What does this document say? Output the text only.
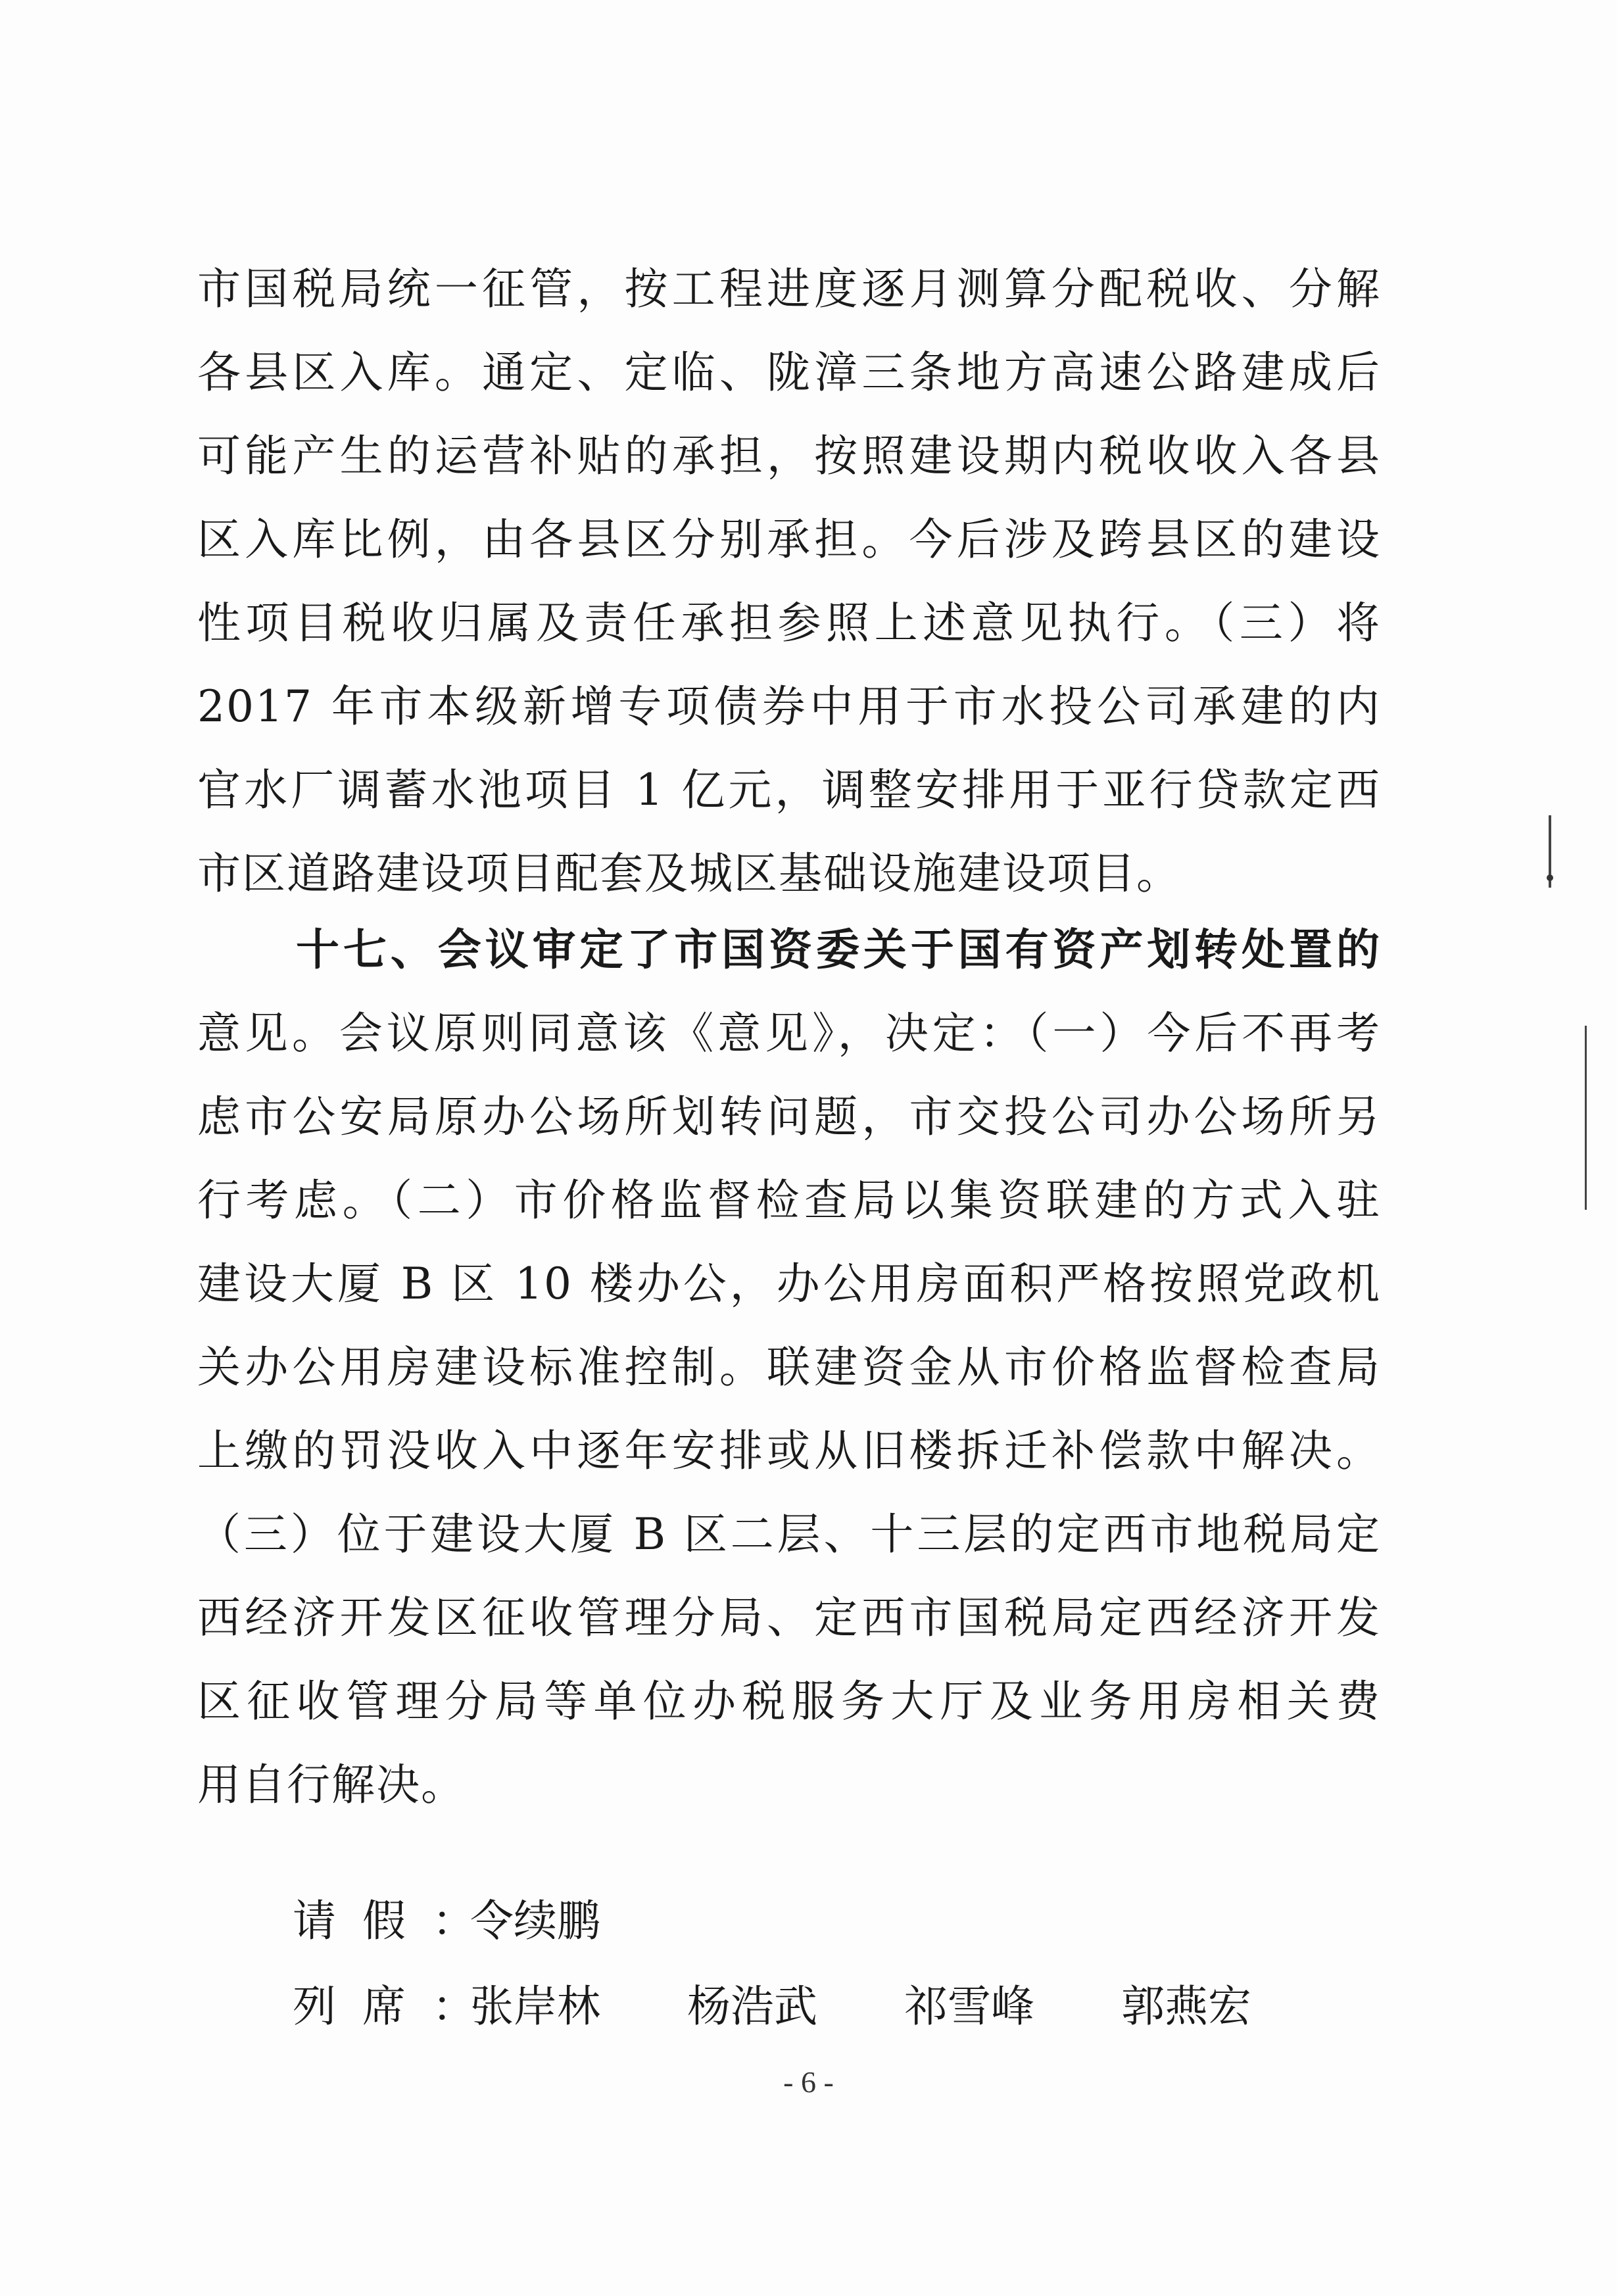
市国税局统一征管，按工程进度逐月测算分配税收、分解
各县区入库。通定、定临、陇漳三条地方高速公路建成后
可能产生的运营补贴的承担，按照建设期内税收收入各县
区入库比例，由各县区分别承担。今后涉及跨县区的建设
性项目税收归属及责任承担参照上述意见执行。（三）将
2017 年市本级新增专项债券中用于市水投公司承建的内
官水厂调蓄水池项目 1 亿元，调整安排用于亚行贷款定西
市区道路建设项目配套及城区基础设施建设项目。
十七、会议审定了市国资委关于国有资产划转处置的
意见。会议原则同意该《意见》，决定：（一）今后不再考
虑市公安局原办公场所划转问题，市交投公司办公场所另
行考虑。（二）市价格监督检查局以集资联建的方式入驻
建设大厦 B 区 10 楼办公，办公用房面积严格按照党政机
关办公用房建设标准控制。联建资金从市价格监督检查局
上缴的罚没收入中逐年安排或从旧楼拆迁补偿款中解决。
（三）位于建设大厦 B 区二层、十三层的定西市地税局定
西经济开发区征收管理分局、定西市国税局定西经济开发
区征收管理分局等单位办税服务大厅及业务用房相关费
用自行解决。
请假：令续鹏
列席：张岸林 杨浩武 祁雪峰 郭燕宏
- 6 -
